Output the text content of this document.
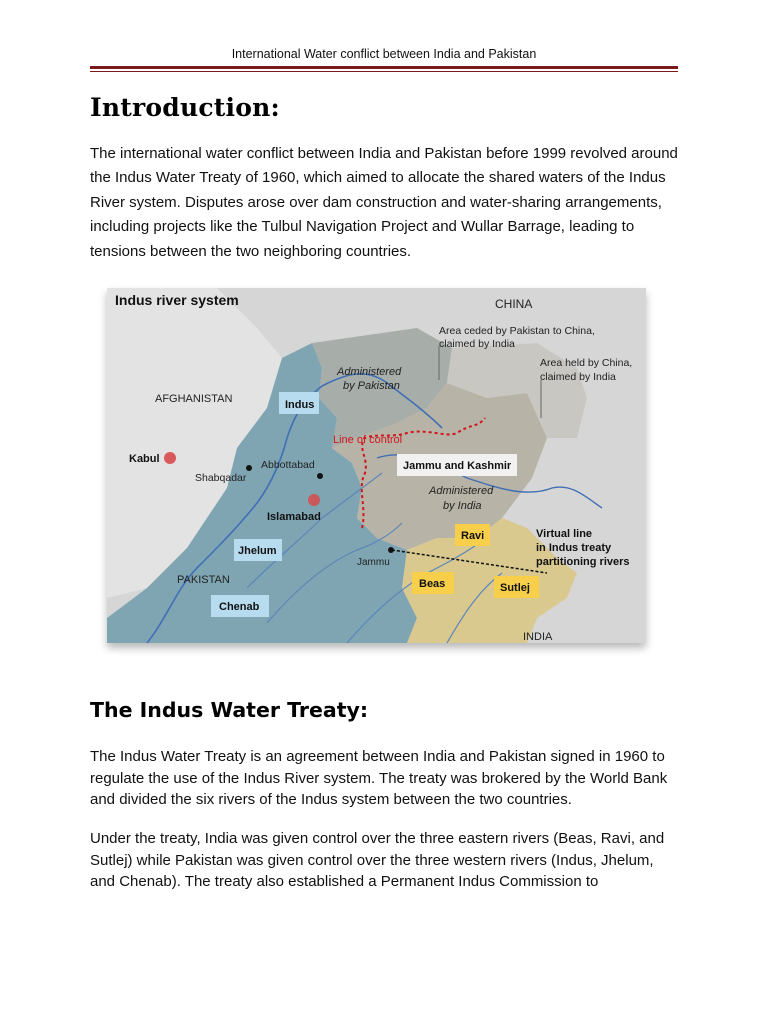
International Water conflict between India and Pakistan
Introduction:

The international water conflict between India and Pakistan before 1999 revolved around the Indus Water Treaty of 1960, which aimed to allocate the shared waters of the Indus River system. Disputes arose over dam construction and water-sharing arrangements, including projects like the Tulbul Navigation Project and Wullar Barrage, leading to tensions between the two neighboring countries.

Indus river system	CHINA
AFGHANISTAN
PAKISTAN
INDIA
Area ceded by Pakistan to China,
claimed by India
Area held by China,
claimed by India
Administered
by Pakistan
Administered
by India
Line of control
Virtual line
in Indus treaty
partitioning rivers
Kabul
Shabqadar
Abbottabad
Islamabad
Jammu
Indus
Jhelum
Chenab
Ravi
Beas	Sutlej
Jammu and Kashmir
The Indus Water Treaty:

The Indus Water Treaty is an agreement between India and Pakistan signed in 1960 to regulate the use of the Indus River system. The treaty was brokered by the World Bank and divided the six rivers of the Indus system between the two countries.

Under the treaty, India was given control over the three eastern rivers (Beas, Ravi, and Sutlej) while Pakistan was given control over the three western rivers (Indus, Jhelum, and Chenab). The treaty also established a Permanent Indus Commission to
